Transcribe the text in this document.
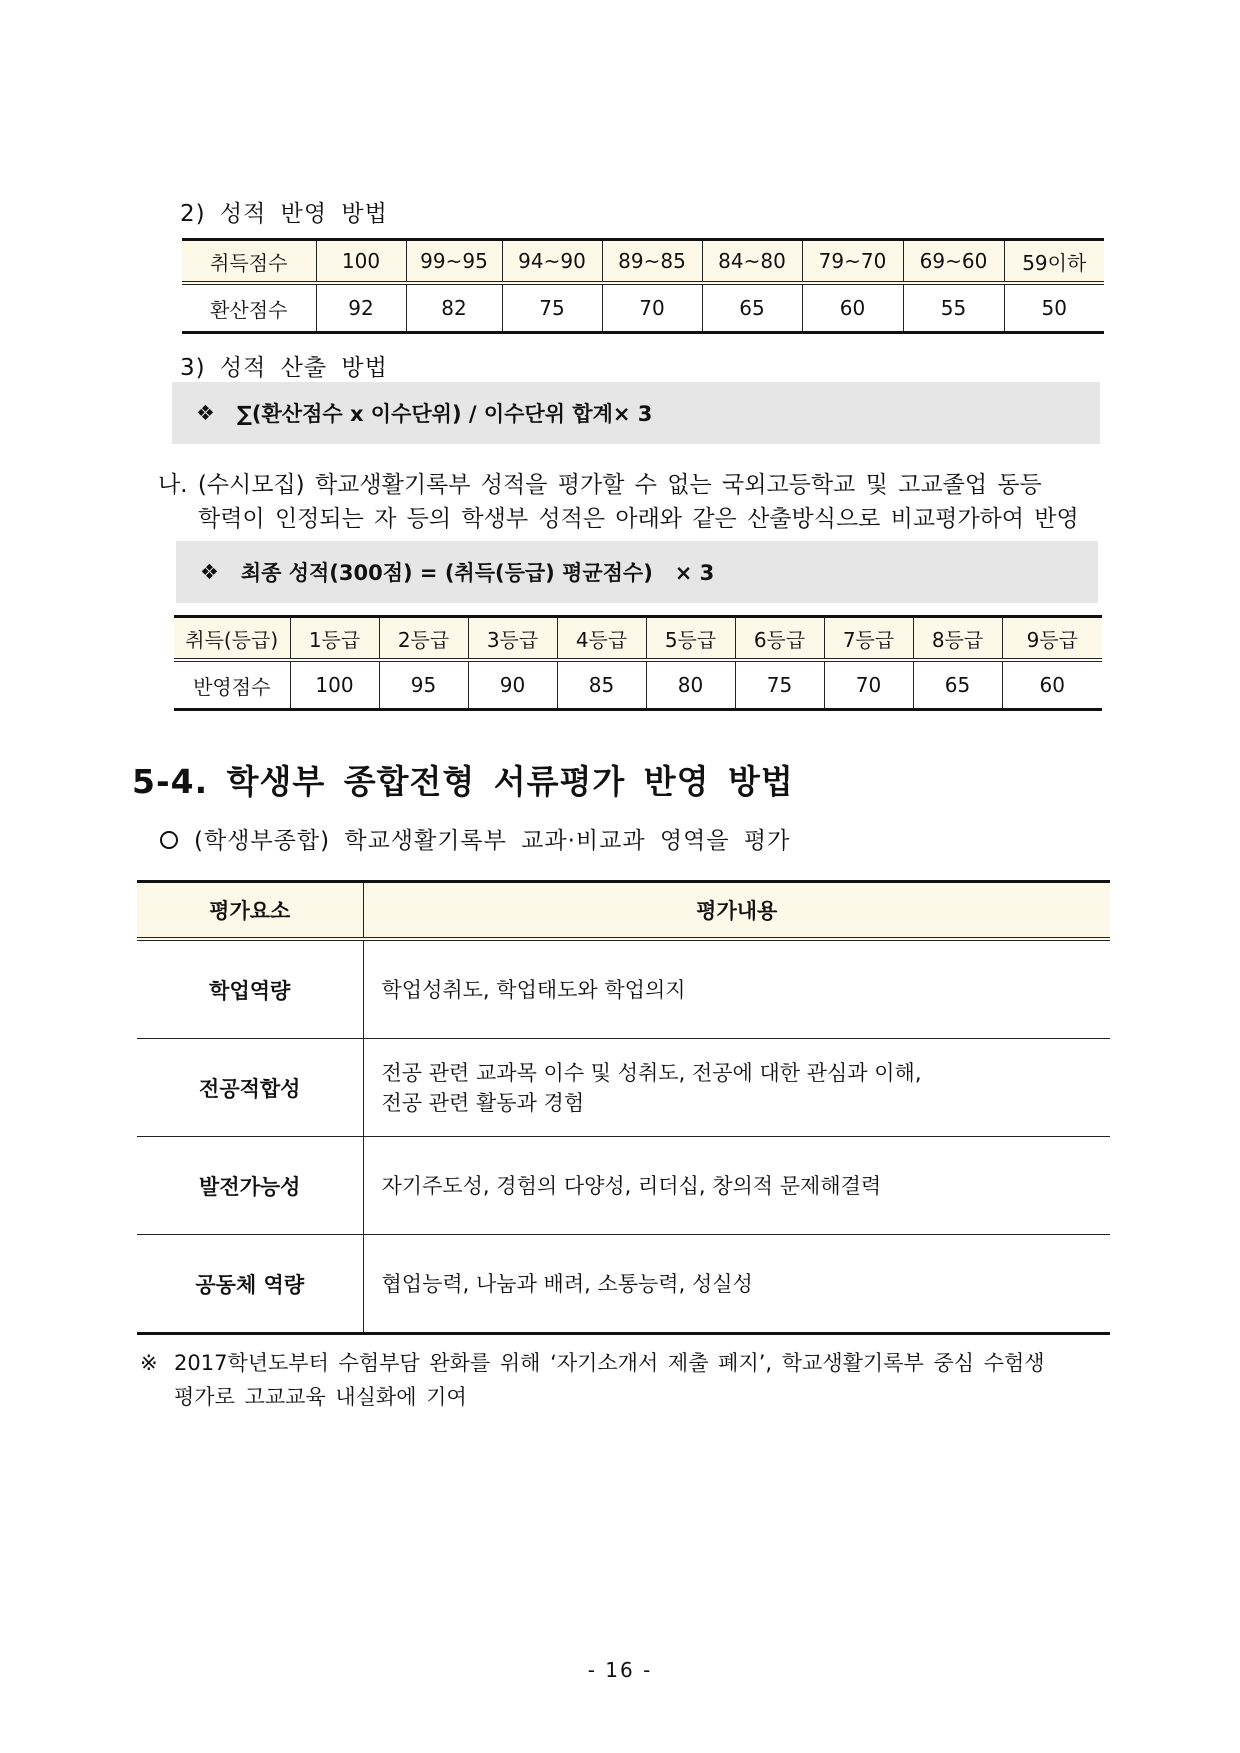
2) 성적 반영 방법
취득점수	100	99~95	94~90	89~85	84~80	79~70	69~60	59이하
환산점수	92	82	75	70	65	60	55	50
3) 성적 산출 방법
❖ ∑(환산점수 x 이수단위) / 이수단위 합계× 3
나. (수시모집) 학교생활기록부 성적을 평가할 수 없는 국외고등학교 및 고교졸업 동등
학력이 인정되는 자 등의 학생부 성적은 아래와 같은 산출방식으로 비교평가하여 반영
❖ 최종 성적(300점) = (취득(등급) 평균점수)   × 3
취득(등급)	1등급	2등급	3등급	4등급	5등급	6등급	7등급	8등급	9등급
반영점수	100	95	90	85	80	75	70	65	60
5-4. 학생부 종합전형 서류평가 반영 방법
(학생부종합) 학교생활기록부 교과·비교과 영역을 평가
평가요소	평가내용
학업역량	학업성취도, 학업태도와 학업의지

전공적합성	전공 관련 교과목 이수 및 성취도, 전공에 대한 관심과 이해,
전공 관련 활동과 경험

발전가능성	자기주도성, 경험의 다양성, 리더십, 창의적 문제해결력

공동체 역량	협업능력, 나눔과 배려, 소통능력, 성실성
※ 2017학년도부터 수험부담 완화를 위해 ‘자기소개서 제출 폐지’, 학교생활기록부 중심 수험생
평가로 고교교육 내실화에 기여
- 16 -
